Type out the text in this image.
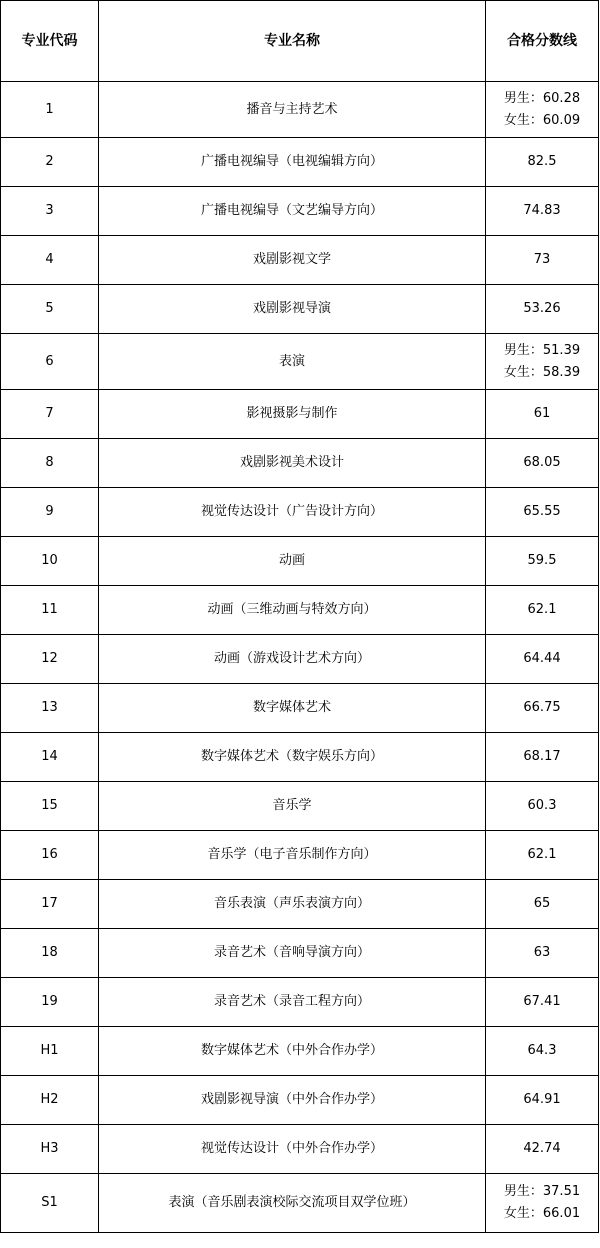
专业代码	专业名称	合格分数线
1	播音与主持艺术	男生：60.28
女生：60.09

2	广播电视编导（电视编辑方向）	82.5

3	广播电视编导（文艺编导方向）	74.83

4	戏剧影视文学	73

5	戏剧影视导演	53.26

6	表演	男生：51.39
女生：58.39

7	影视摄影与制作	61

8	戏剧影视美术设计	68.05

9	视觉传达设计（广告设计方向）	65.55

10	动画	59.5

11	动画（三维动画与特效方向）	62.1

12	动画（游戏设计艺术方向）	64.44

13	数字媒体艺术	66.75

14	数字媒体艺术（数字娱乐方向）	68.17

15	音乐学	60.3

16	音乐学（电子音乐制作方向）	62.1

17	音乐表演（声乐表演方向）	65

18	录音艺术（音响导演方向）	63

19	录音艺术（录音工程方向）	67.41

H1	数字媒体艺术（中外合作办学）	64.3

H2	戏剧影视导演（中外合作办学）	64.91

H3	视觉传达设计（中外合作办学）	42.74

S1	表演（音乐剧表演校际交流项目双学位班）	男生：37.51
女生：66.01
